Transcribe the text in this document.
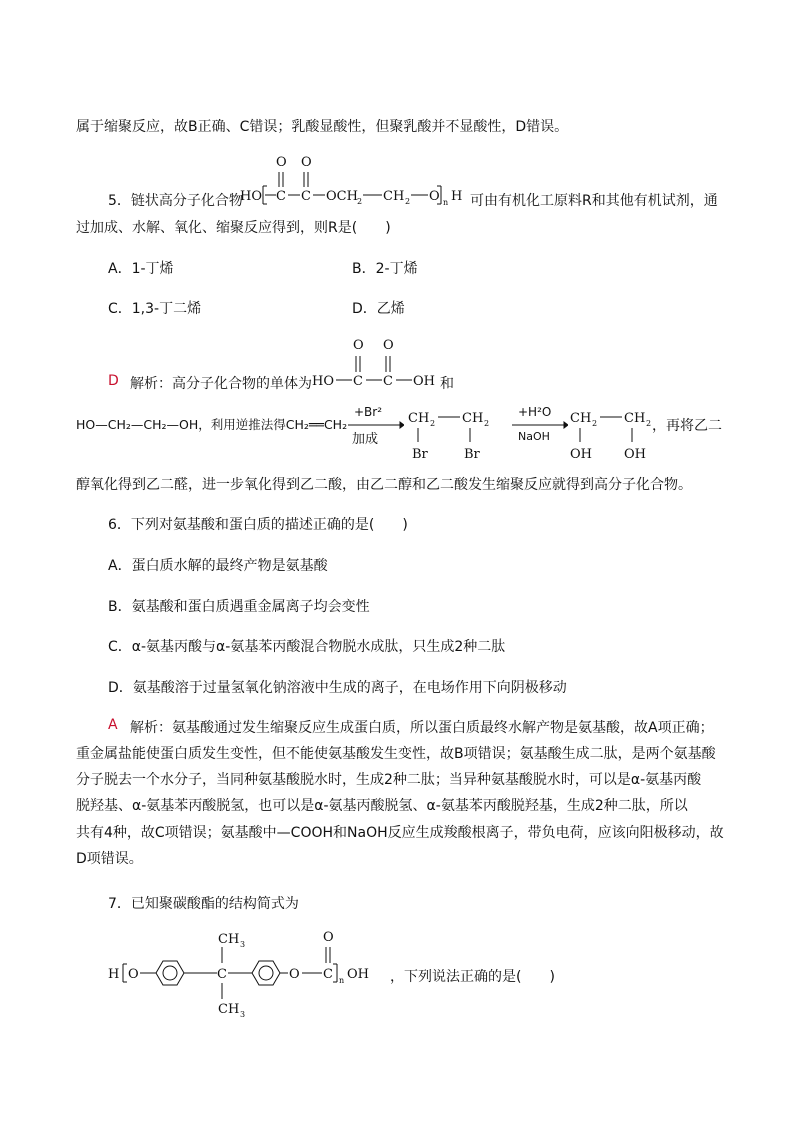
属于缩聚反应，故B正确、C错误；乳酸显酸性，但聚乳酸并不显酸性，D错误。
5．链状高分子化合物
HO C
O
C
O
OCH 2 CH 2 O n H 可由有机化工原料R和其他有机试剂，通
过加成、水解、氧化、缩聚反应得到，则R是(　　)
A．1-丁烯	B．2-丁烯
C．1,3-丁二烯	D．乙烯
D 解析：高分子化合物的单体为 HO C
O
C
O
OH 和
HO—CH₂—CH₂—OH，利用逆推法得CH₂══CH₂
+Br²
加成
CH 2 CH 2
Br	Br
+H²O
NaOH
CH 2 CH 2
OH OH
，再将乙二
醇氧化得到乙二醛，进一步氧化得到乙二酸，由乙二醇和乙二酸发生缩聚反应就得到高分子化合物。
6．下列对氨基酸和蛋白质的描述正确的是(　　)
A．蛋白质水解的最终产物是氨基酸
B．氨基酸和蛋白质遇重金属离子均会变性
C．α-氨基丙酸与α-氨基苯丙酸混合物脱水成肽，只生成2种二肽
D．氨基酸溶于过量氢氧化钠溶液中生成的离子，在电场作用下向阴极移动
A 解析：氨基酸通过发生缩聚反应生成蛋白质，所以蛋白质最终水解产物是氨基酸，故A项正确；
重金属盐能使蛋白质发生变性，但不能使氨基酸发生变性，故B项错误；氨基酸生成二肽，是两个氨基酸
分子脱去一个水分子，当同种氨基酸脱水时，生成2种二肽；当异种氨基酸脱水时，可以是α-氨基丙酸
脱羟基、α-氨基苯丙酸脱氢，也可以是α-氨基丙酸脱氢、α-氨基苯丙酸脱羟基，生成2种二肽，所以
共有4种，故C项错误；氨基酸中—COOH和NaOH反应生成羧酸根离子，带负电荷，应该向阳极移动，故
D项错误。
7．已知聚碳酸酯的结构简式为
H O	C
CH 3
CH 3
O C
O
n OH ，下列说法正确的是(　　)
